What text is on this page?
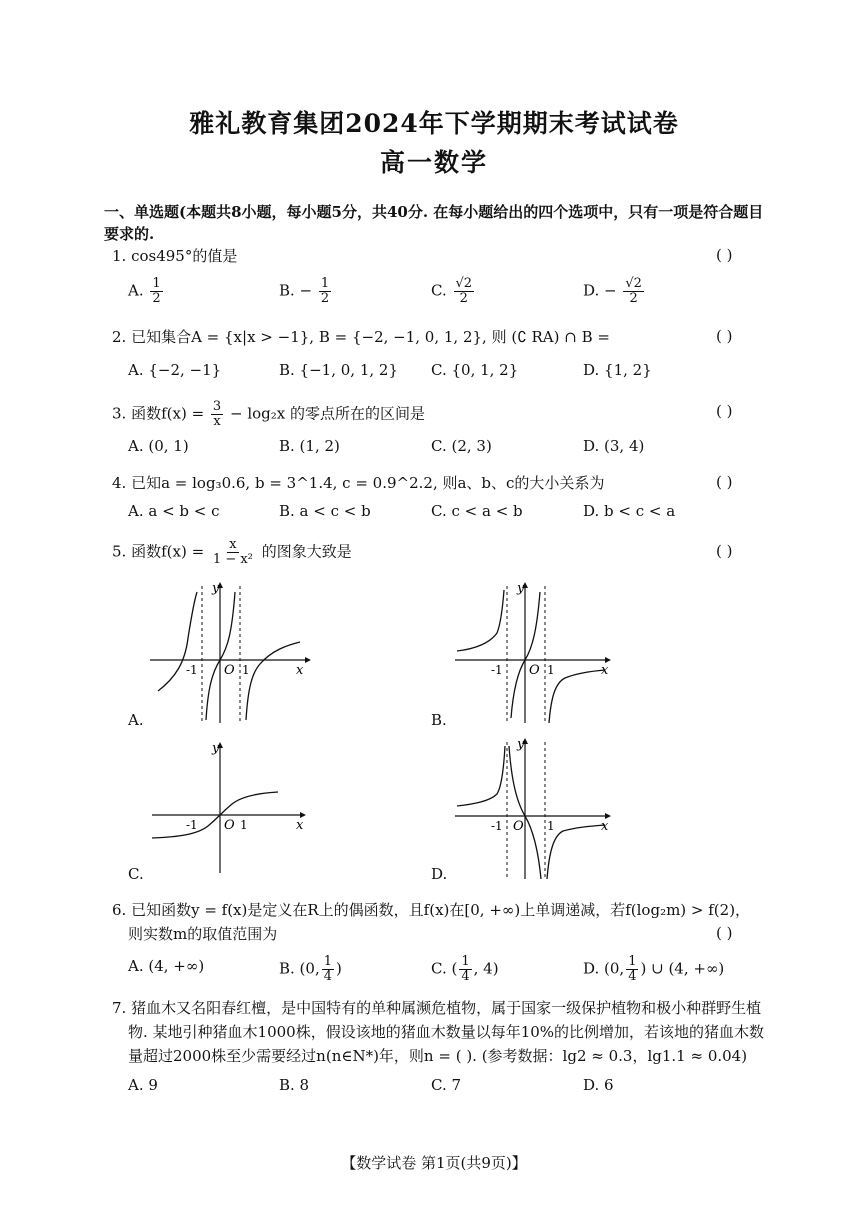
雅礼教育集团2024年下学期期末考试试卷
高一数学
一、单选题(本题共8小题，每小题5分，共40分. 在每小题给出的四个选项中，只有一项是符合题目
要求的.
1. cos495°的值是	( )
A. $\frac{1}{2}$	B. − $\frac{1}{2}$	C. $\frac{√2}{2}$	D. − $\frac{√2}{2}$
2. 已知集合A = {x|x > −1}, B = {−2, −1, 0, 1, 2}, 则 (∁ RA) ∩ B =	( )
A. {−2, −1}	B. {−1, 0, 1, 2} C. {0, 1, 2}	D. {1, 2}
3. 函数$f(x) = \frac{3}{x} - \log_2x$ 的零点所在的区间是	( )
A. (0, 1)	B. (1, 2)	C. (2, 3)	D. (3, 4)
4. 已知a = log₃0.6, b = 3^1.4, c = 0.9^2.2, 则a、b、c的大小关系为	( )
A. a < b < c	B. a < c < b	C. c < a < b	D. b < c < a
5. 函数$f(x) = \frac{x}{\text{1 − x²}}$ 的图象大致是	( )
y
x
O
-1	1
A.
y
x
O
-1	1
B.
y
x
O
-1	1
C.
y
x
O
-1	1
D.
6. 已知函数y = f(x)是定义在R上的偶函数，且f(x)在[0, +∞)上单调递减，若f(log₂m) > f(2)，
则实数m的取值范围为	( )
A. (4, +∞)	B. (0, $\frac{1}{4}$ )	C. ( $\frac{1}{4}$ , 4)	D. (0, $\frac{1}{4}$ ) ∪ (4, +∞)
7. 猪血木又名阳春红檀，是中国特有的单种属濒危植物，属于国家一级保护植物和极小种群野生植
物. 某地引种猪血木1000株，假设该地的猪血木数量以每年10%的比例增加，若该地的猪血木数
量超过2000株至少需要经过n(n∈N*)年，则n = ( ). (参考数据：lg2 ≈ 0.3，lg1.1 ≈ 0.04)
A. 9	B. 8	C. 7	D. 6
【数学试卷 第1页(共9页)】
